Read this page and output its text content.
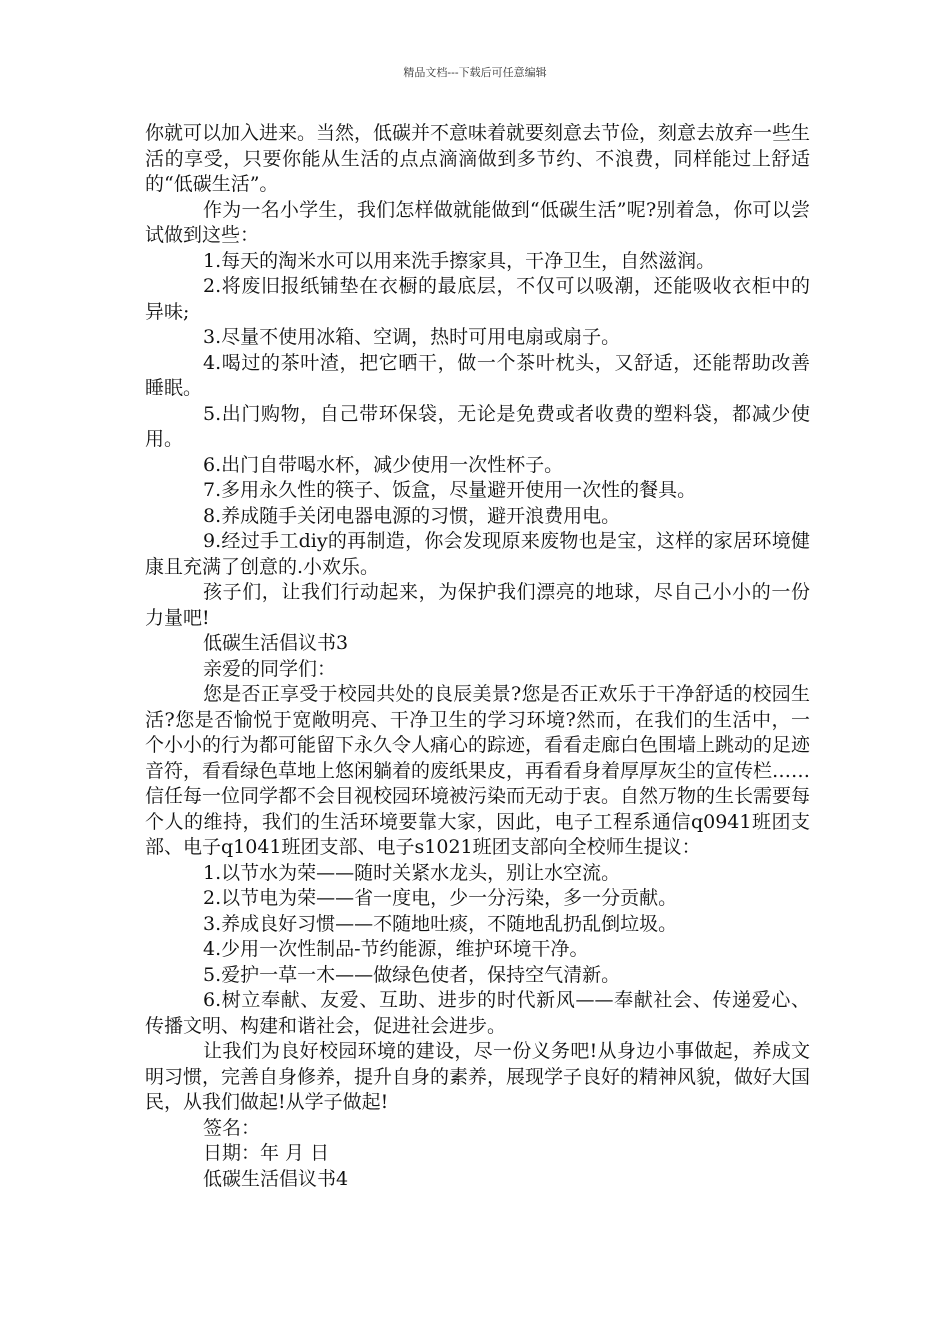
精品文档---下载后可任意编辑

你就可以加入进来。当然，低碳并不意味着就要刻意去节俭，刻意去放弃一些生活的享受，只要你能从生活的点点滴滴做到多节约、不浪费，同样能过上舒适的“低碳生活”。

作为一名小学生，我们怎样做就能做到“低碳生活”呢?别着急，你可以尝试做到这些：

1.每天的淘米水可以用来洗手擦家具，干净卫生，自然滋润。

2.将废旧报纸铺垫在衣橱的最底层，不仅可以吸潮，还能吸收衣柜中的异味;

3.尽量不使用冰箱、空调，热时可用电扇或扇子。

4.喝过的茶叶渣，把它晒干，做一个茶叶枕头，又舒适，还能帮助改善睡眠。

5.出门购物，自己带环保袋，无论是免费或者收费的塑料袋，都减少使用。

6.出门自带喝水杯，减少使用一次性杯子。

7.多用永久性的筷子、饭盒，尽量避开使用一次性的餐具。

8.养成随手关闭电器电源的习惯，避开浪费用电。

9.经过手工diy的再制造，你会发现原来废物也是宝，这样的家居环境健康且充满了创意的.小欢乐。

孩子们，让我们行动起来，为保护我们漂亮的地球，尽自己小小的一份力量吧!

低碳生活倡议书3

亲爱的同学们：

您是否正享受于校园共处的良辰美景?您是否正欢乐于干净舒适的校园生活?您是否愉悦于宽敞明亮、干净卫生的学习环境?然而，在我们的生活中，一个小小的行为都可能留下永久令人痛心的踪迹，看看走廊白色围墙上跳动的足迹音符，看看绿色草地上悠闲躺着的废纸果皮，再看看身着厚厚灰尘的宣传栏……信任每一位同学都不会目视校园环境被污染而无动于衷。自然万物的生长需要每个人的维持，我们的生活环境要靠大家，因此，电子工程系通信q0941班团支部、电子q1041班团支部、电子s1021班团支部向全校师生提议：

1.以节水为荣——随时关紧水龙头，别让水空流。

2.以节电为荣——省一度电，少一分污染，多一分贡献。

3.养成良好习惯——不随地吐痰，不随地乱扔乱倒垃圾。

4.少用一次性制品-节约能源，维护环境干净。

5.爱护一草一木——做绿色使者，保持空气清新。

6.树立奉献、友爱、互助、进步的时代新风——奉献社会、传递爱心、传播文明、构建和谐社会，促进社会进步。

让我们为良好校园环境的建设，尽一份义务吧!从身边小事做起，养成文明习惯，完善自身修养，提升自身的素养，展现学子良好的精神风貌，做好大国民，从我们做起!从学子做起!

签名：

日期：年 月 日

低碳生活倡议书4
